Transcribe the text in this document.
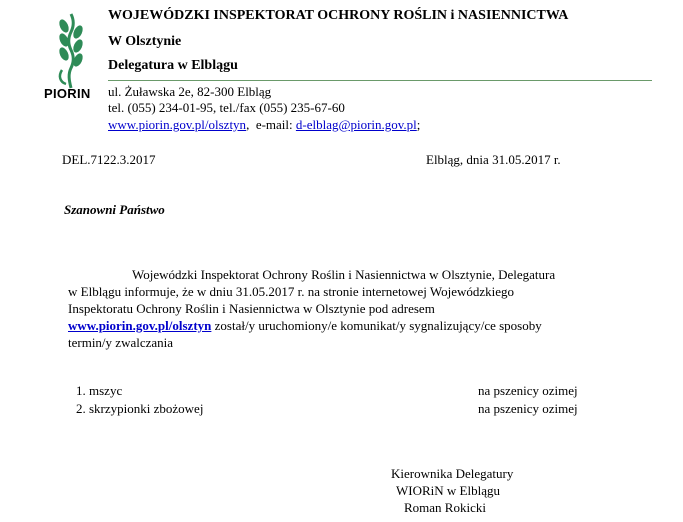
PIORIN
WOJEWÓDZKI INSPEKTORAT OCHRONY ROŚLIN i NASIENNICTWA
W Olsztynie
Delegatura w Elblągu
ul. Żuławska 2e, 82-300 Elbląg
tel. (055) 234-01-95, tel./fax (055) 235-67-60
www.piorin.gov.pl/olsztyn, e-mail: d-elblag@piorin.gov.pl;
DEL.7122.3.2017	Elbląg, dnia 31.05.2017 r.
Szanowni Państwo
Wojewódzki Inspektorat Ochrony Roślin i Nasiennictwa w Olsztynie, Delegatura
w Elblągu informuje, że w dniu 31.05.2017 r. na stronie internetowej Wojewódzkiego
Inspektoratu Ochrony Roślin i Nasiennictwa w Olsztynie pod adresem
www.piorin.gov.pl/olsztyn został/y uruchomiony/e komunikat/y sygnalizujący/ce sposoby
termin/y zwalczania
1. mszyc	na pszenicy ozimej
2. skrzypionki zbożowej	na pszenicy ozimej
Kierownika Delegatury
WIORiN w Elblągu
Roman Rokicki
